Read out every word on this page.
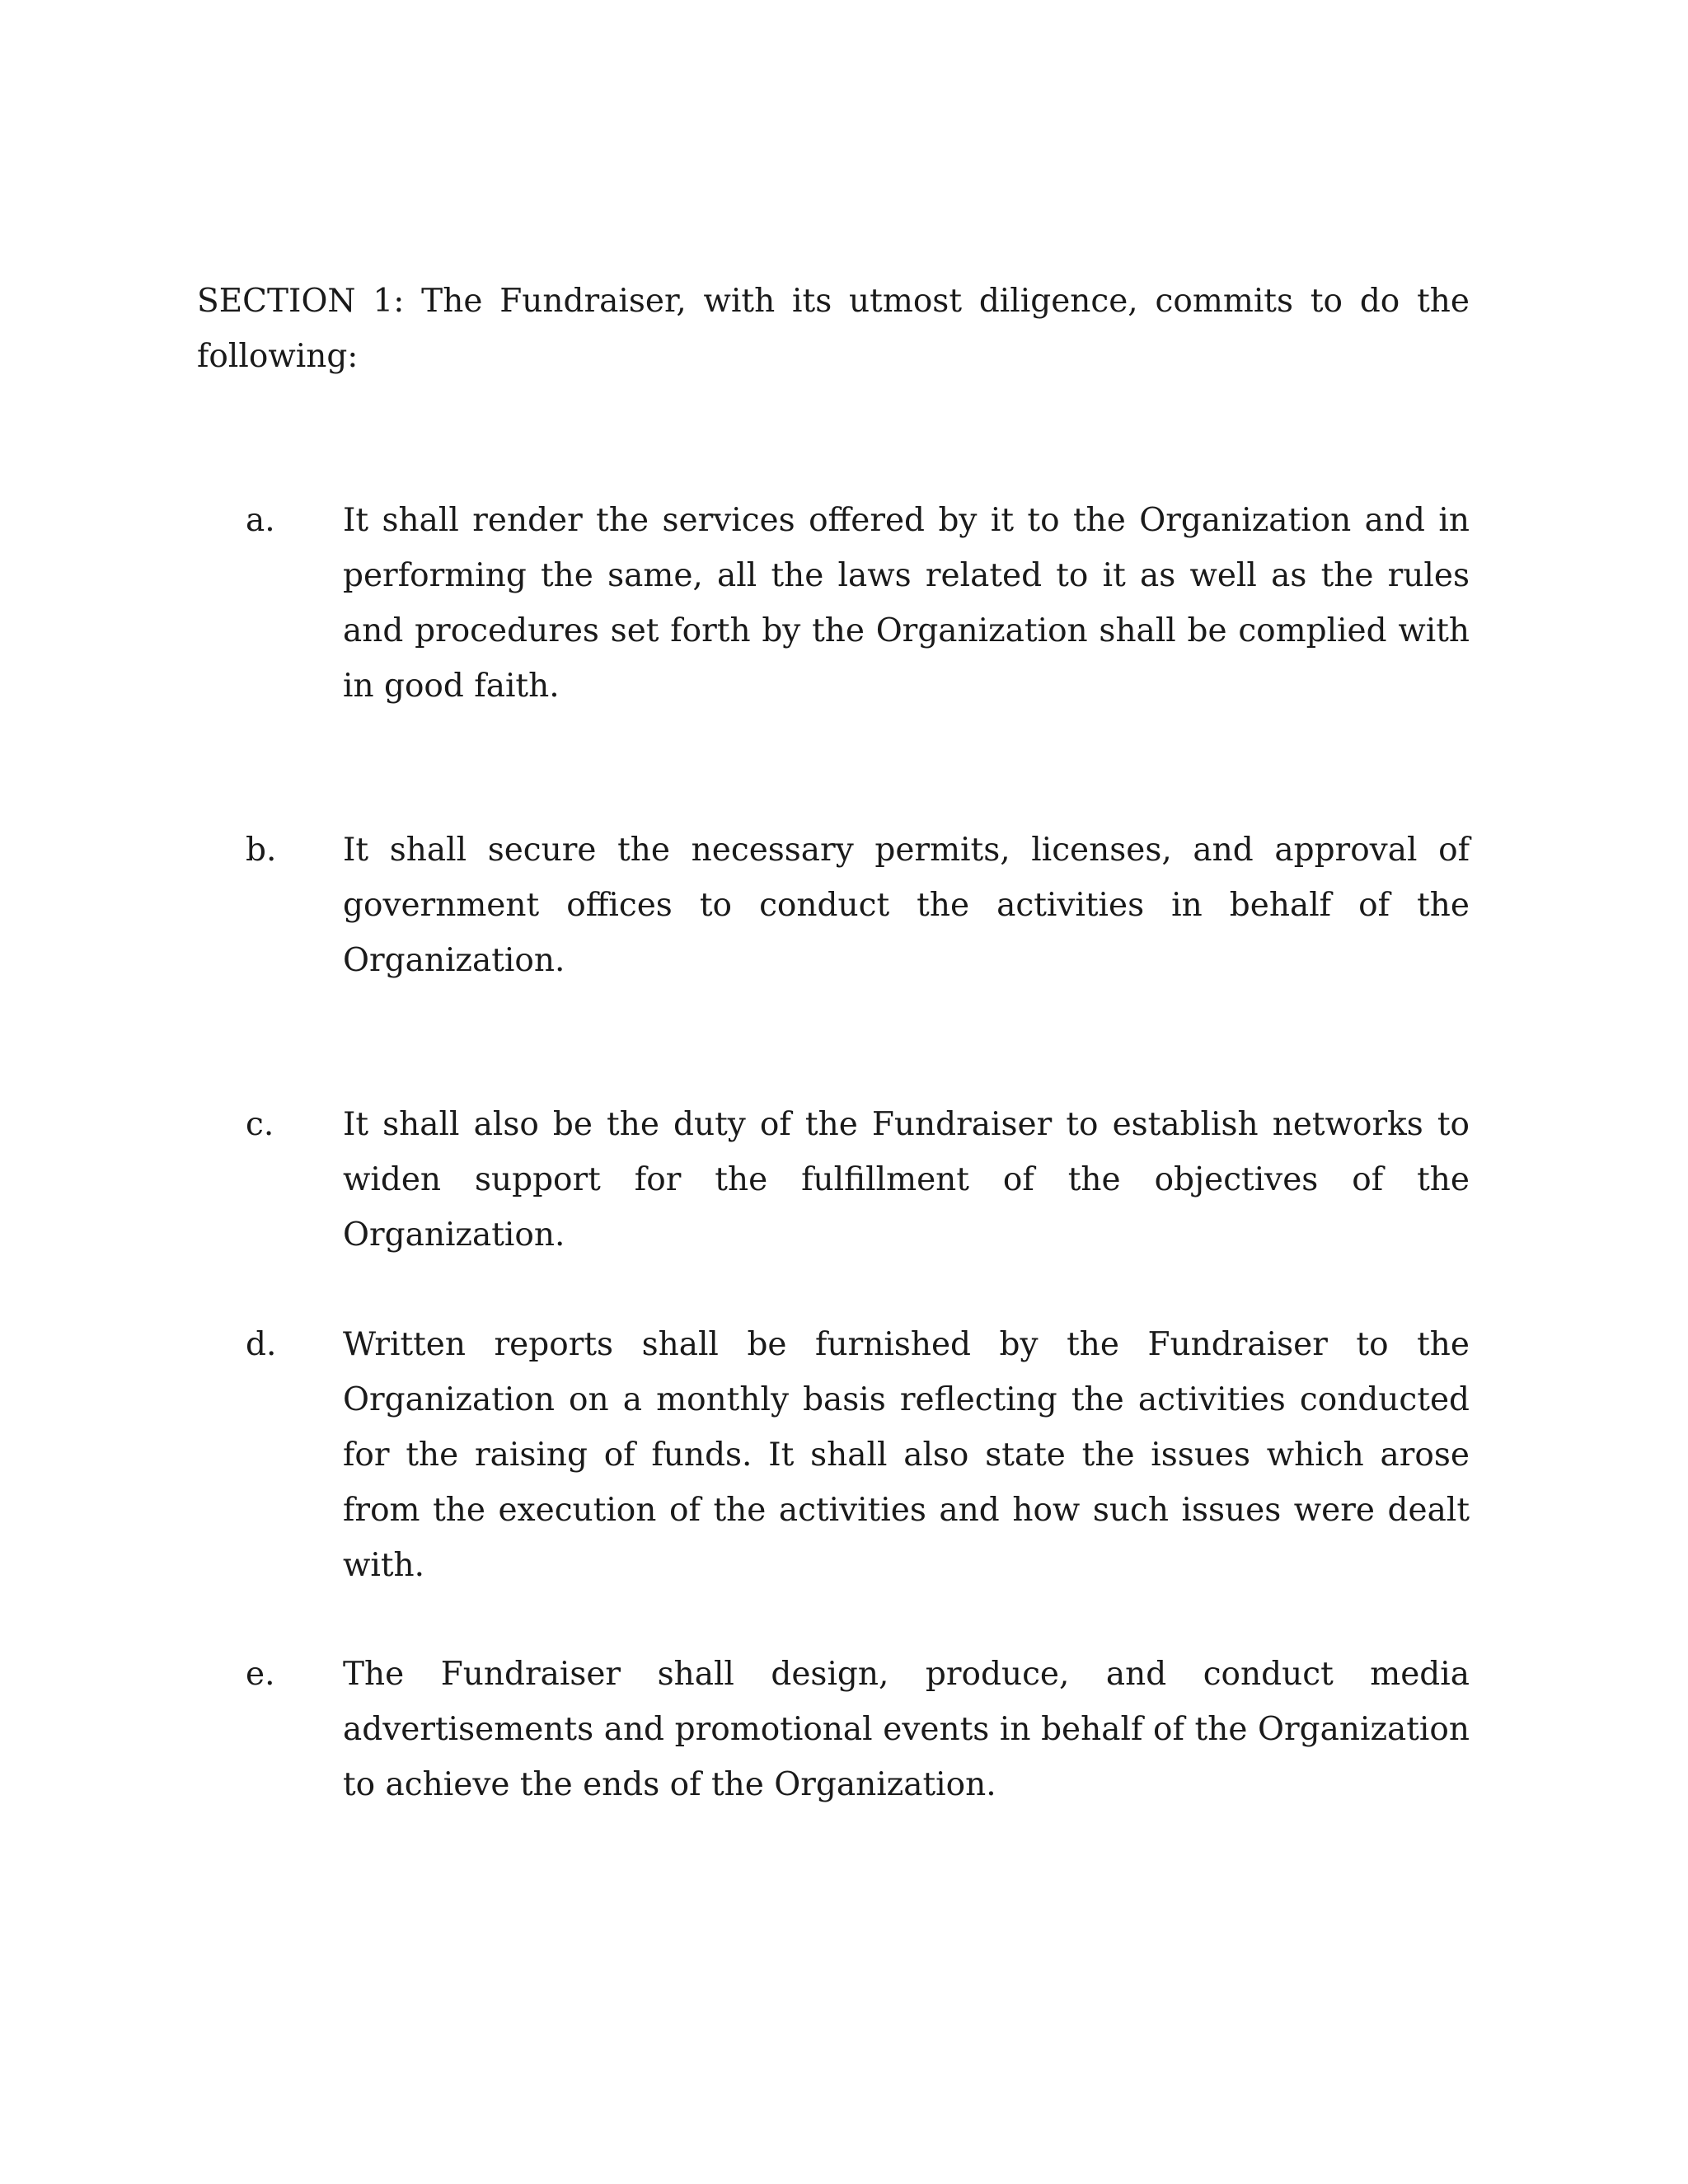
SECTION 1: The Fundraiser, with its utmost diligence, commits to do the following:

a. It shall render the services offered by it to the Organization and in performing the same, all the laws related to it as well as the rules and procedures set forth by the Organization shall be complied with in good faith.
b. It shall secure the necessary permits, licenses, and approval of government offices to conduct the activities in behalf of the Organization.
c. It shall also be the duty of the Fundraiser to establish networks to widen support for the fulfillment of the objectives of the Organization.
d. Written reports shall be furnished by the Fundraiser to the Organization on a monthly basis reflecting the activities conducted for the raising of funds. It shall also state the issues which arose from the execution of the activities and how such issues were dealt with.
e. The Fundraiser shall design, produce, and conduct media advertisements and promotional events in behalf of the Organization to achieve the ends of the Organization.
